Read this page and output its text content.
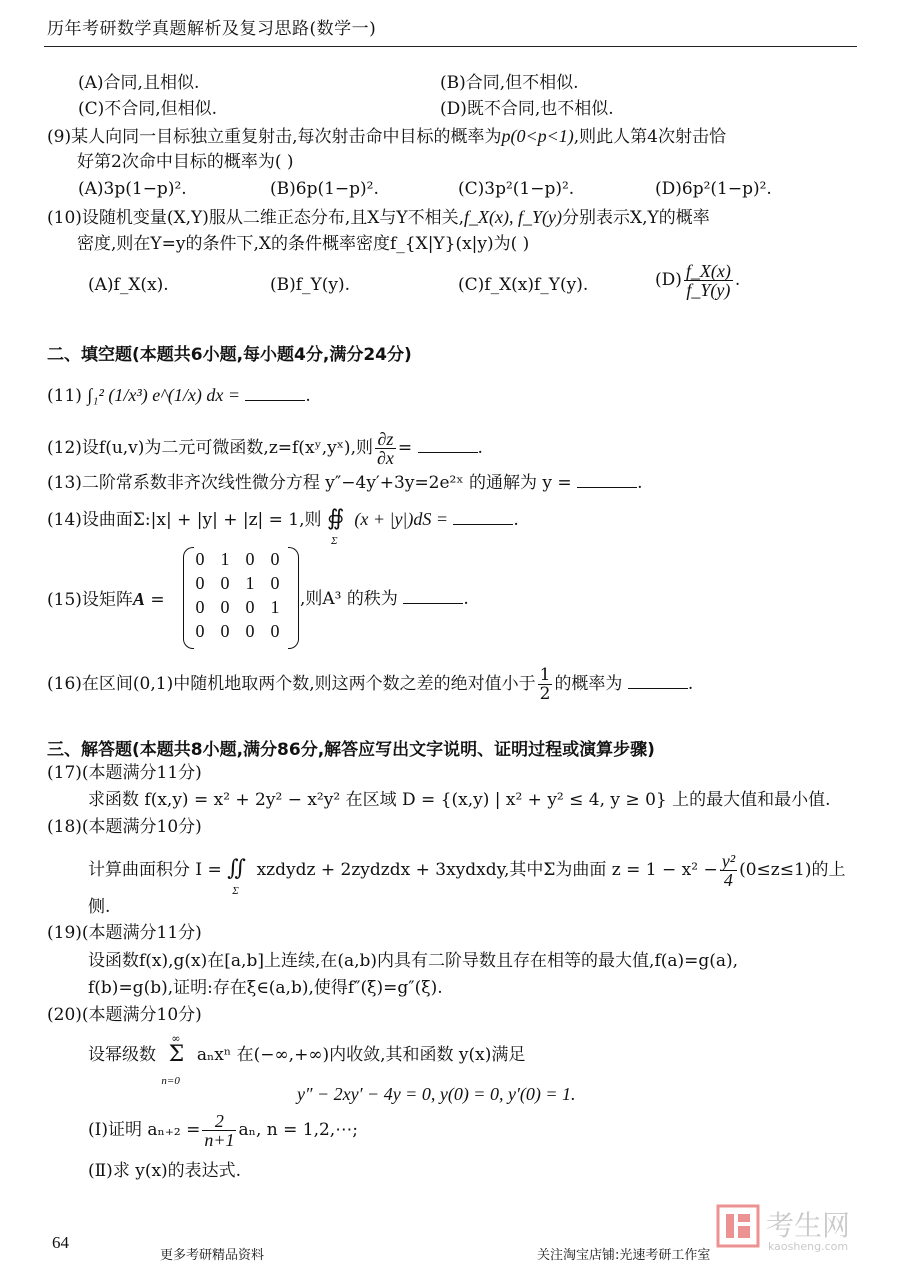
历年考研数学真题解析及复习思路(数学一)
(A)合同,且相似.	(B)合同,但不相似.
(C)不合同,但相似.	(D)既不合同,也不相似.
(9)某人向同一目标独立重复射击,每次射击命中目标的概率为p(0<p<1),则此人第4次射击恰
好第2次命中目标的概率为( )
(A)3p(1−p)².	(B)6p(1−p)².	(C)3p²(1−p)².	(D)6p²(1−p)².
(10)设随机变量(X,Y)服从二维正态分布,且X与Y不相关,f_X(x), f_Y(y)分别表示X,Y的概率
密度,则在Y=y的条件下,X的条件概率密度f_{X|Y}(x|y)为( )
(A)f_X(x).	(B)f_Y(y).	(C)f_X(x)f_Y(y).	$(D) \frac{f\_X(x)}{f\_Y(y)}$ .
二、填空题(本题共6小题,每小题4分,满分24分)
(11) ∫₁² (1/x³) e^(1/x) dx =	.
(12)设f(u,v)为二元可微函数,z=f(xʸ,yˣ),则 $\frac{\partial z}{\partial x}$ =	.
(13)二阶常系数非齐次线性微分方程 y″−4y′+3y=2e²ˣ 的通解为 y =	.
(14)设曲面Σ:|x| + |y| + |z| = 1,则 ∯
Σ
(x + |y|)dS =	.
(15)设矩阵A =
0 1 0 0
0 0 1 0
0 0 0 1
0 0 0 0
,则A³ 的秩为	.
(16)在区间(0,1)中随机地取两个数,则这两个数之差的绝对值小于 $\frac{1}{2}$ 的概率为	.
三、解答题(本题共8小题,满分86分,解答应写出文字说明、证明过程或演算步骤)
(17)(本题满分11分)
求函数 f(x,y) = x² + 2y² − x²y² 在区域 D = {(x,y) | x² + y² ≤ 4, y ≥ 0} 上的最大值和最小值.
(18)(本题满分10分)
计算曲面积分 I = ∬
Σ
xzdydz + 2zydzdx + 3xydxdy,其中Σ为曲面 $z = 1 - x^2 - \frac{\text{y²}}{4} (0\le z\le 1)$的上
侧.
(19)(本题满分11分)
设函数f(x),g(x)在[a,b]上连续,在(a,b)内具有二阶导数且存在相等的最大值,f(a)=g(a),
f(b)=g(b),证明:存在ξ∈(a,b),使得f″(ξ)=g″(ξ).
(20)(本题满分10分)
设幂级数
∞
Σ
n=0
aₙxⁿ 在(−∞,+∞)内收敛,其和函数 y(x)满足
y″ − 2xy′ − 4y = 0, y(0) = 0, y′(0) = 1.
(Ⅰ)证明 $a_{n+2} = \frac{2}{n+1} a_n$, n = 1,2,⋯;
(Ⅱ)求 y(x)的表达式.
64
更多考研精品资料	关注淘宝店铺:光速考研工作室
考生网
kaosheng.com
